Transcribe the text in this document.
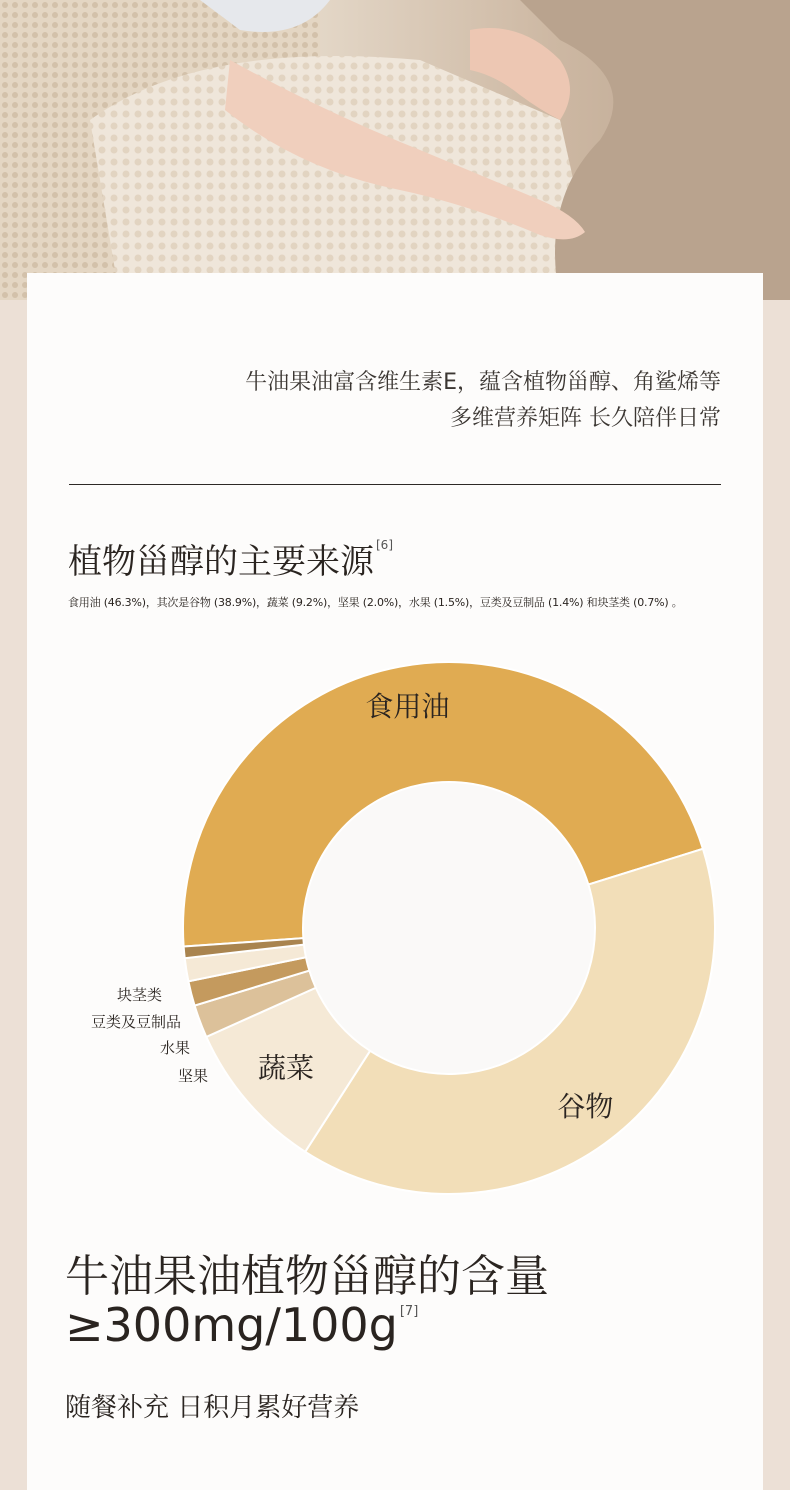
牛油果油富含维生素E，蕴含植物甾醇、角鲨烯等
多维营养矩阵 长久陪伴日常
植物甾醇的主要来源 [6]
食用油 (46.3%)，其次是谷物 (38.9%)，蔬菜 (9.2%)，坚果 (2.0%)，水果 (1.5%)，豆类及豆制品 (1.4%) 和块茎类 (0.7%) 。
食用油
谷物
蔬菜
块茎类
豆类及豆制品
水果
坚果
牛油果油植物甾醇的含量
≥300mg/100g [7]
随餐补充 日积月累好营养
